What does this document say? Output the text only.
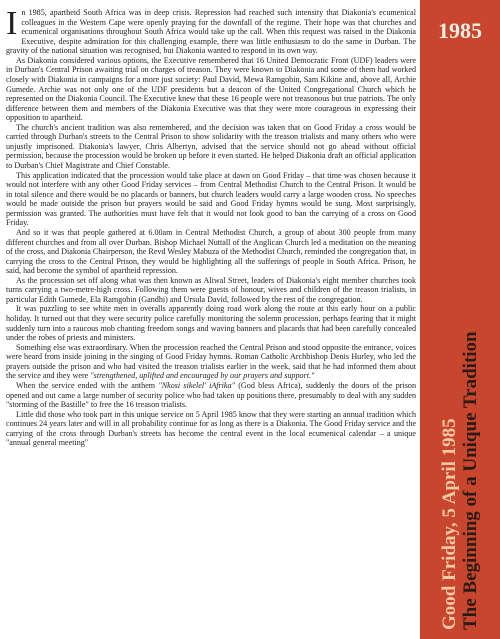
In 1985, apartheid South Africa was in deep crisis. Repression had reached such intensity that Diakonia's ecumenical colleagues in the Western Cape were openly praying for the downfall of the regime. Their hope was that churches and ecumenical organisations throughout South Africa would take up the call. When this request was raised in the Diakonia Executive, despite admiration for this challenging example, there was little enthusiasm to do the same in Durban. The gravity of the national situation was recognised, but Diakonia wanted to respond in its own way.

As Diakonia considered various options, the Executive remembered that 16 United Democratic Front (UDF) leaders were in Durban's Central Prison awaiting trial on charges of treason. They were known to Diakonia and some of them had worked closely with Diakonia in campaigns for a more just society: Paul David, Mewa Ramgobin, Sam Kikine and, above all, Archie Gumede. Archie was not only one of the UDF presidents but a deacon of the United Congregational Church which he represented on the Diakonia Council. The Executive knew that these 16 people were not treasonous but true patriots. The only difference between them and members of the Diakonia Executive was that they were more courageous in expressing their opposition to apartheid.

The church's ancient tradition was also remembered, and the decision was taken that on Good Friday a cross would be carried through Durban's streets to the Central Prison to show solidarity with the treason trialists and many others who were unjustly imprisoned. Diakonia's lawyer, Chris Albertyn, advised that the service should not go ahead without official permission, because the procession would be broken up before it even started. He helped Diakonia draft an official application to Durban's Chief Magistrate and Chief Constable.

This application indicated that the procession would take place at dawn on Good Friday – that time was chosen because it would not interfere with any other Good Friday services – from Central Methodist Church to the Central Prison. It would be in total silence and there would be no placards or banners, but church leaders would carry a large wooden cross. No speeches would be made outside the prison but prayers would be said and Good Friday hymns would be sung. Most surprisingly, permission was granted. The authorities must have felt that it would not look good to ban the carrying of a cross on Good Friday.

And so it was that people gathered at 6.00am in Central Methodist Church, a group of about 300 people from many different churches and from all over Durban. Bishop Michael Nuttall of the Anglican Church led a meditation on the meaning of the cross, and Diakonia Chairperson, the Revd Wesley Mabuza of the Methodist Church, reminded the congregation that, in carrying the cross to the Central Prison, they would be highlighting all the sufferings of people in South Africa. Prison, he said, had become the symbol of apartheid repression.

As the procession set off along what was then known as Aliwal Street, leaders of Diakonia's eight member churches took turns carrying a two-metre-high cross. Following them were guests of honour, wives and children of the treason trialists, in particular Edith Gumede, Ela Ramgobin (Gandhi) and Ursula David, followed by the rest of the congregation.

It was puzzling to see white men in overalls apparently doing road work along the route at this early hour on a public holiday. It turned out that they were security police carefully monitoring the solemn procession, perhaps fearing that it might suddenly turn into a raucous mob chanting freedom songs and waving banners and placards that had been carefully concealed under the robes of priests and ministers.

Something else was extraordinary. When the procession reached the Central Prison and stood opposite the entrance, voices were heard from inside joining in the singing of Good Friday hymns. Roman Catholic Archbishop Denis Hurley, who led the prayers outside the prison and who had visited the treason trialists earlier in the week, said that he had informed them about the service and they were "strengthened, uplifted and encouraged by our prayers and support."

When the service ended with the anthem "Nkosi sikelel' iAfrika" (God bless Africa), suddenly the doors of the prison opened and out came a large number of security police who had taken up positions there, presumably to deal with any sudden "storming of the Bastille" to free the 16 treason trialists.

Little did those who took part in this unique service on 5 April 1985 know that they were starting an annual tradition which continues 24 years later and will in all probability continue for as long as there is a Diakonia. The Good Friday service and the carrying of the cross through Durban's streets has become the central event in the local ecumenical calendar – a unique "annual general meeting"

1985
Good Friday, 5 April 1985 The Beginning of a Unique Tradition
